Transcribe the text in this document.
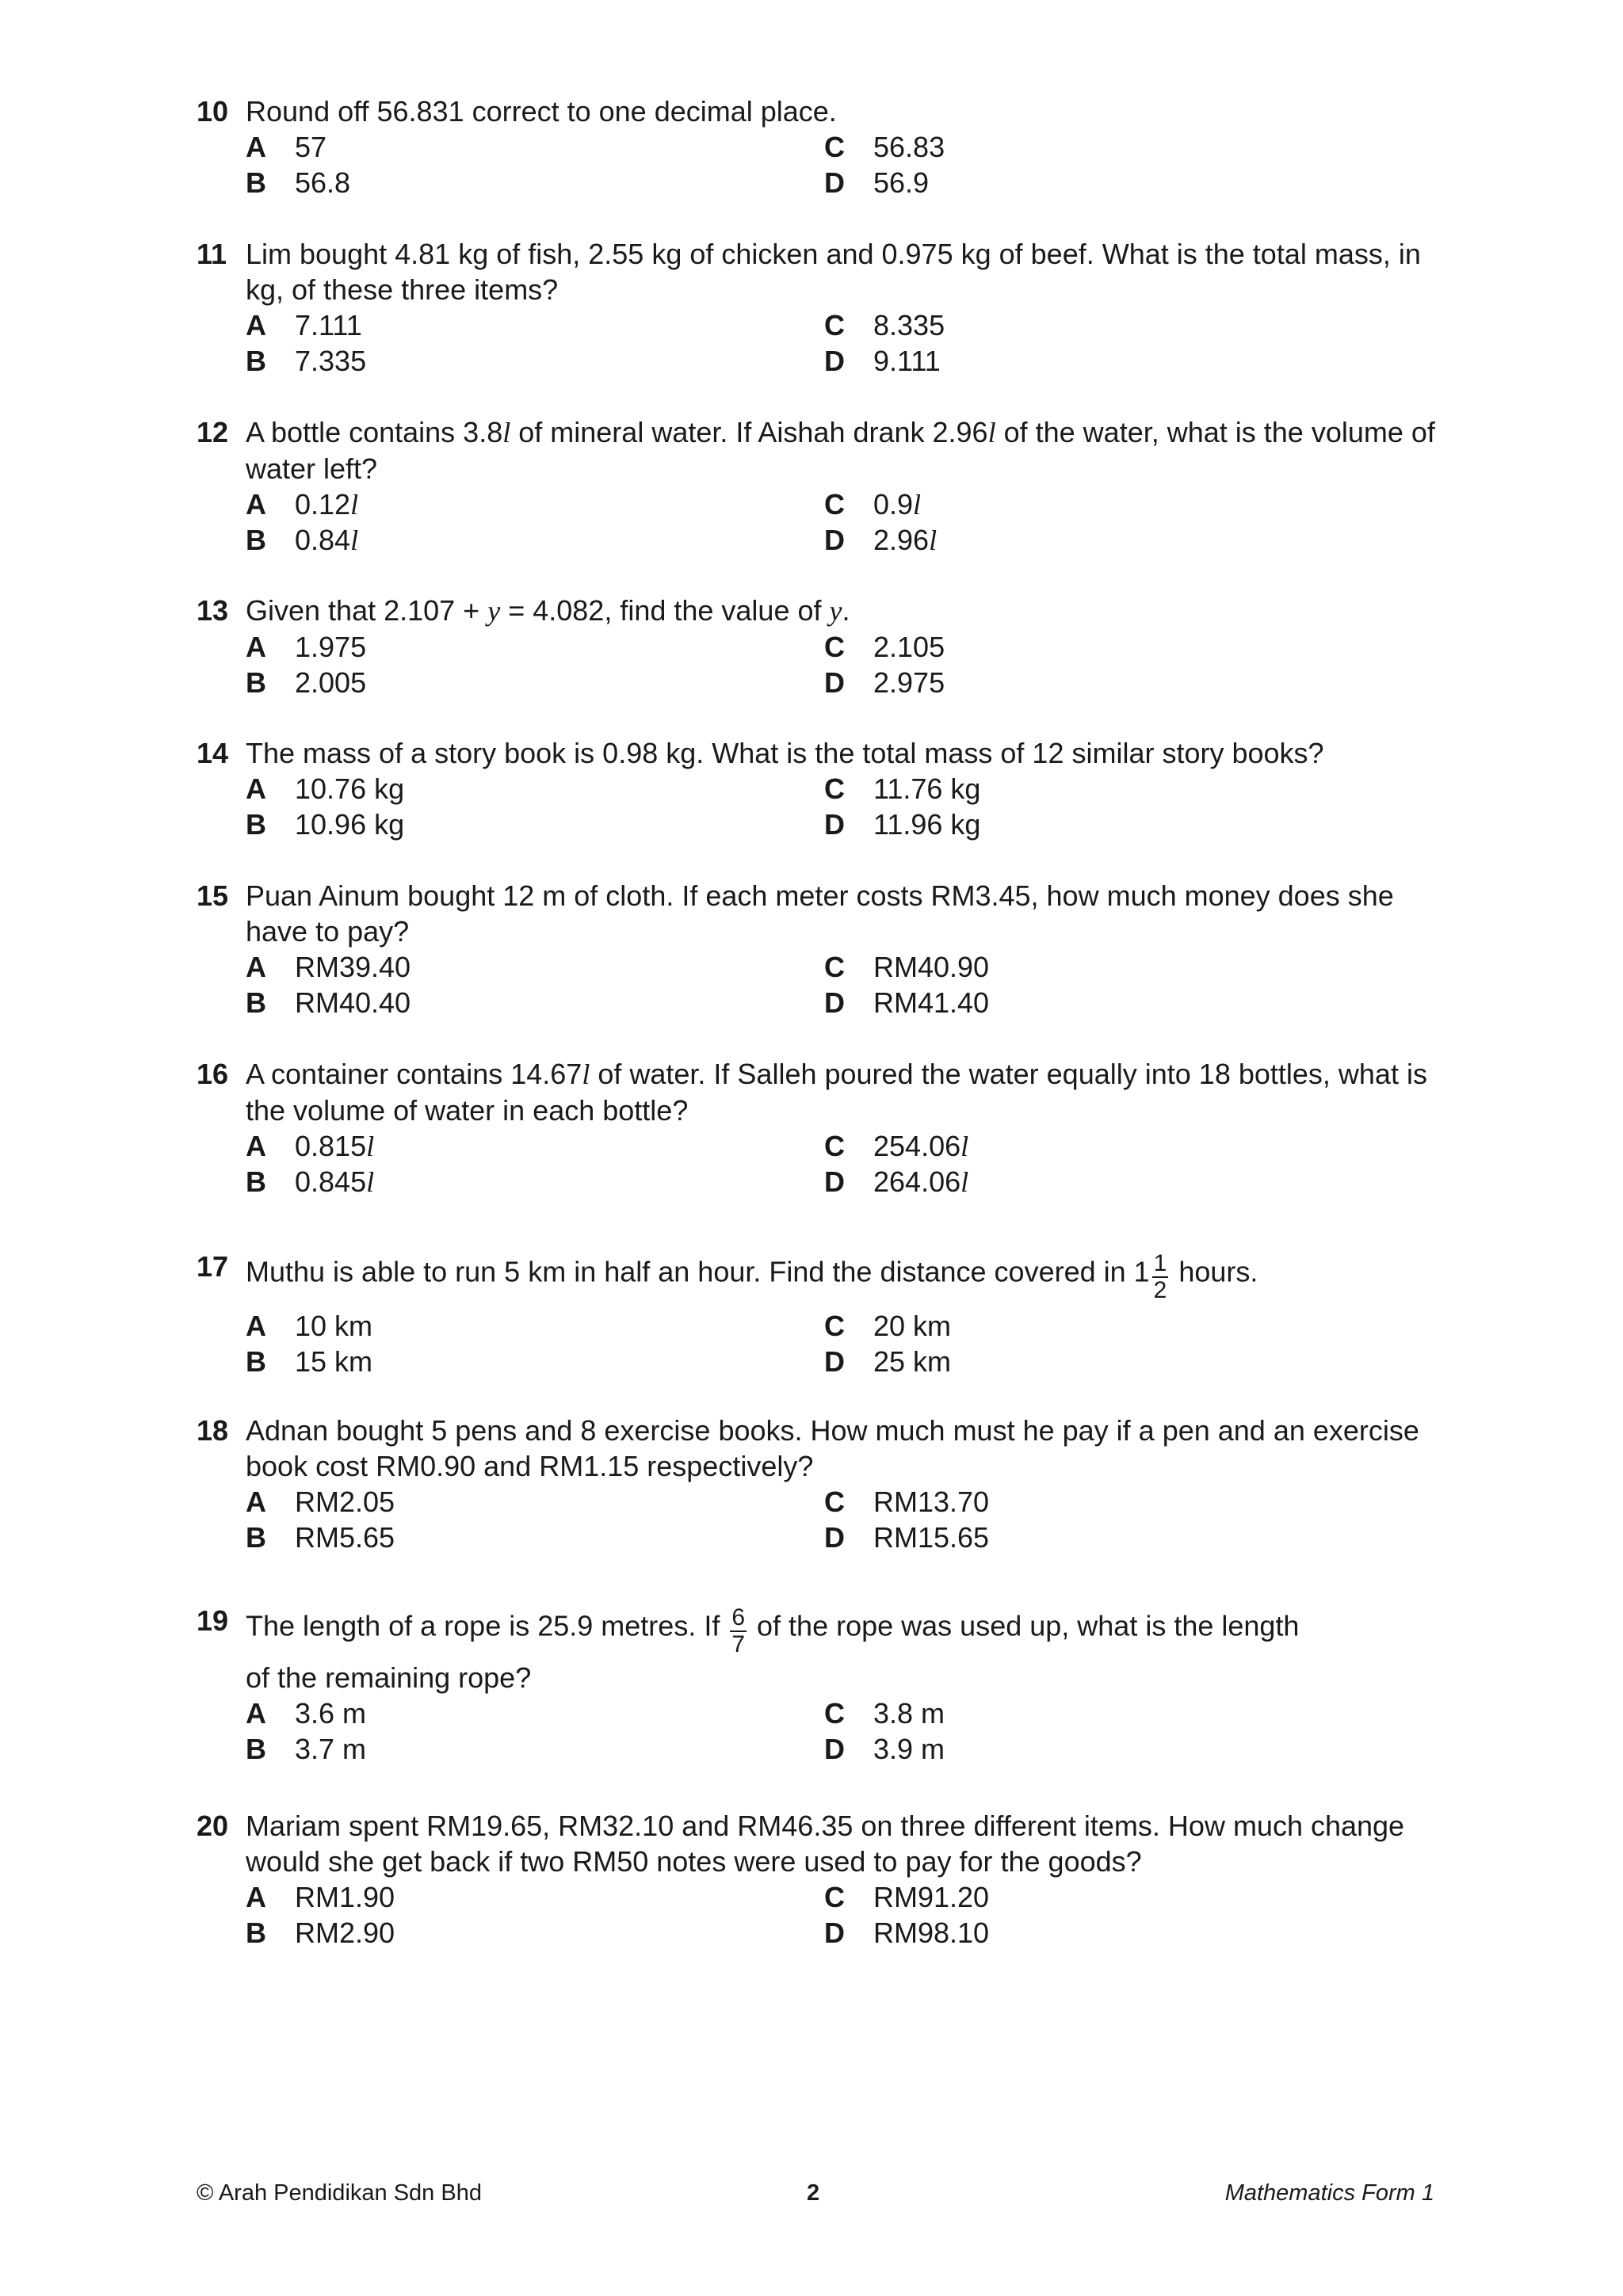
10 Round off 56.831 correct to one decimal place.
A 57
B 56.8
C 56.83
D 56.9
11 Lim bought 4.81 kg of fish, 2.55 kg of chicken and 0.975 kg of beef. What is the total mass, in kg, of these three items?
A 7.111
B 7.335
C 8.335
D 9.111
12 A bottle contains 3.8l of mineral water. If Aishah drank 2.96l of the water, what is the volume of water left?
A 0.12l
B 0.84l
C 0.9l
D 2.96l
13 Given that 2.107 + y = 4.082, find the value of y.
A 1.975
B 2.005
C 2.105
D 2.975
14 The mass of a story book is 0.98 kg. What is the total mass of 12 similar story books?
A 10.76 kg
B 10.96 kg
C 11.76 kg
D 11.96 kg
15 Puan Ainum bought 12 m of cloth. If each meter costs RM3.45, how much money does she have to pay?
A RM39.40
B RM40.40
C RM40.90
D RM41.40
16 A container contains 14.67l of water. If Salleh poured the water equally into 18 bottles, what is the volume of water in each bottle?
A 0.815l
B 0.845l
C 254.06l
D 264.06l
17 Muthu is able to run 5 km in half an hour. Find the distance covered in $1 \frac{1}{2}$ hours.
A 10 km
B 15 km
C 20 km
D 25 km
18 Adnan bought 5 pens and 8 exercise books. How much must he pay if a pen and an exercise book cost RM0.90 and RM1.15 respectively?
A RM2.05
B RM5.65
C RM13.70
D RM15.65
19 The length of a rope is 25.9 metres. If $\frac{6}{7}$ of the rope was used up, what is the length
of the remaining rope?
A 3.6 m
B 3.7 m
C 3.8 m
D 3.9 m
20 Mariam spent RM19.65, RM32.10 and RM46.35 on three different items. How much change would she get back if two RM50 notes were used to pay for the goods?
A RM1.90
B RM2.90
C RM91.20
D RM98.10
© Arah Pendidikan Sdn Bhd	2	Mathematics Form 1
